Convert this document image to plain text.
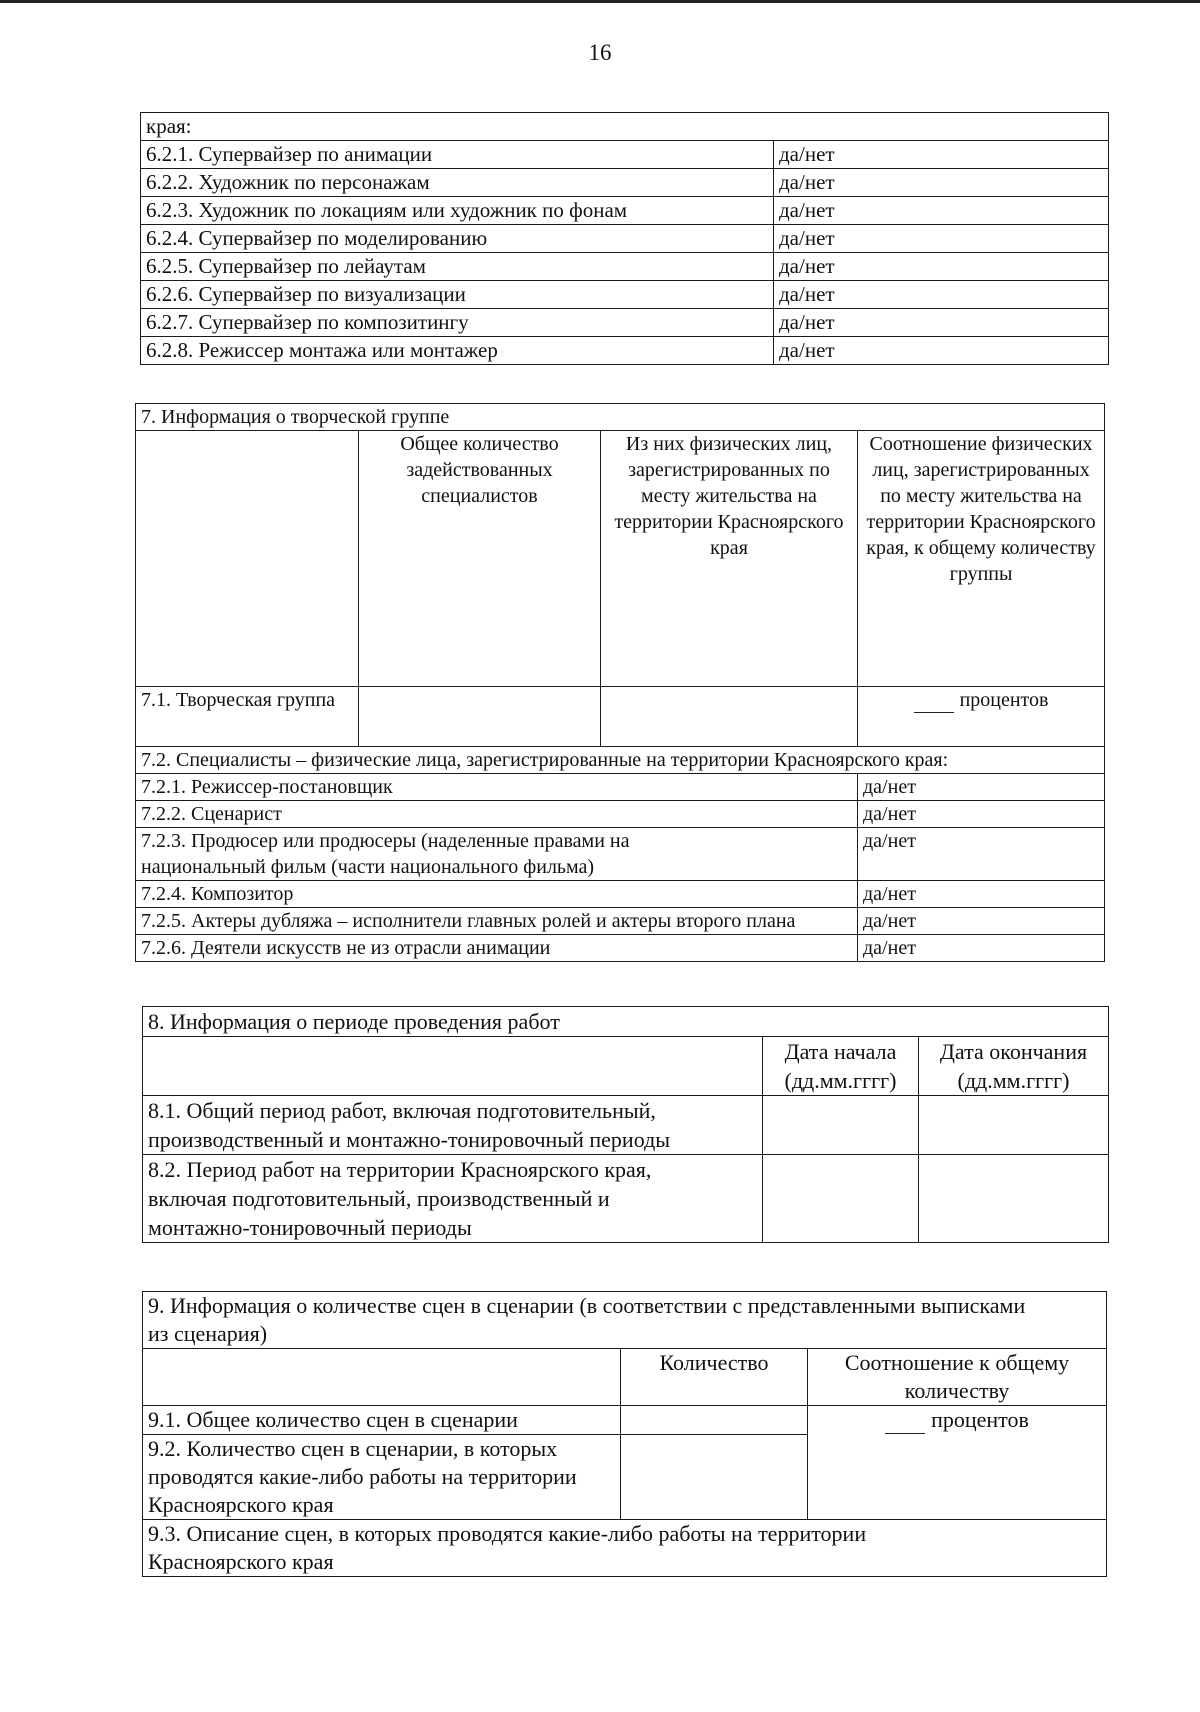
16
края:	
6.2.1. Супервайзер по анимации	да/нет
6.2.2. Художник по персонажам	да/нет
6.2.3. Художник по локациям или художник по фонам	да/нет
6.2.4. Супервайзер по моделированию	да/нет
6.2.5. Супервайзер по лейаутам	да/нет
6.2.6. Супервайзер по визуализации	да/нет
6.2.7. Супервайзер по композитингу	да/нет
6.2.8. Режиссер монтажа или монтажер	да/нет
7. Информация о творческой группе			
	Общее количество задействованных специалистов	Из них физических лиц, зарегистрированных по месту жительства на территории Красноярского края	Соотношение физических лиц, зарегистрированных по месту жительства на территории Красноярского края, к общему количеству группы
7.1. Творческая группа			процентов
7.2. Специалисты – физические лица, зарегистрированные на территории Красноярского края:			
7.2.1. Режиссер-постановщик			да/нет
7.2.2. Сценарист			да/нет
7.2.3. Продюсер или продюсеры (наделенные правами на национальный фильм (части национального фильма)			да/нет
7.2.4. Композитор			да/нет
7.2.5. Актеры дубляжа – исполнители главных ролей и актеры второго плана			да/нет
7.2.6. Деятели искусств не из отрасли анимации			да/нет
8. Информация о периоде проведения работ		
	Дата начала (дд.мм.гггг)	Дата окончания (дд.мм.гггг)
8.1. Общий период работ, включая подготовительный, производственный и монтажно-тонировочный периоды		
8.2. Период работ на территории Красноярского края, включая подготовительный, производственный и монтажно-тонировочный периоды		
9. Информация о количестве сцен в сценарии (в соответствии с представленными выписками из сценария)		
	Количество	Соотношение к общему количеству
9.1. Общее количество сцен в сценарии		процентов
9.2. Количество сцен в сценарии, в которых проводятся какие-либо работы на территории Красноярского края		
9.3. Описание сцен, в которых проводятся какие-либо работы на территории Красноярского края		
